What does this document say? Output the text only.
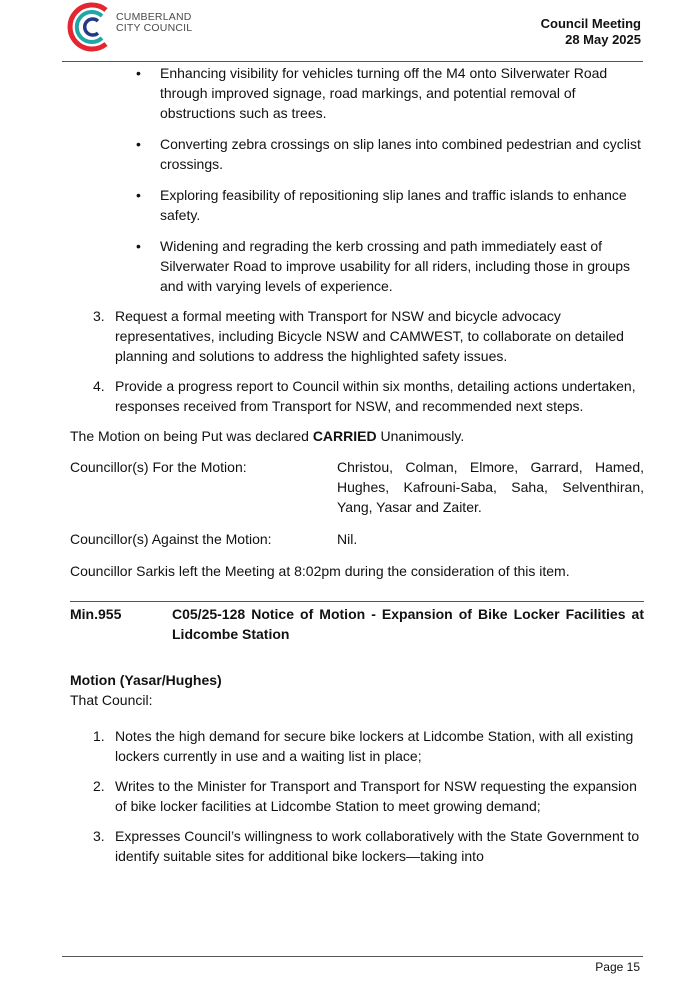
CUMBERLAND
CITY COUNCIL	Council Meeting
28 May 2025
• Enhancing visibility for vehicles turning off the M4 onto Silverwater Road through improved signage, road markings, and potential removal of obstructions such as trees.

• Converting zebra crossings on slip lanes into combined pedestrian and cyclist crossings.

• Exploring feasibility of repositioning slip lanes and traffic islands to enhance safety.

• Widening and regrading the kerb crossing and path immediately east of Silverwater Road to improve usability for all riders, including those in groups and with varying levels of experience.

3. Request a formal meeting with Transport for NSW and bicycle advocacy representatives, including Bicycle NSW and CAMWEST, to collaborate on detailed planning and solutions to address the highlighted safety issues.

4. Provide a progress report to Council within six months, detailing actions undertaken, responses received from Transport for NSW, and recommended next steps.

The Motion on being Put was declared CARRIED Unanimously.

Councillor(s) For the Motion:	Christou, Colman, Elmore, Garrard, Hamed, Hughes, Kafrouni-Saba, Saha, Selventhiran, Yang, Yasar and Zaiter.
Councillor(s) Against the Motion:	Nil.

Councillor Sarkis left the Meeting at 8:02pm during the consideration of this item.

Min.955	C05/25-128 Notice of Motion - Expansion of Bike Locker Facilities at Lidcombe Station

Motion (Yasar/Hughes)

That Council:

1. Notes the high demand for secure bike lockers at Lidcombe Station, with all existing lockers currently in use and a waiting list in place;

2. Writes to the Minister for Transport and Transport for NSW requesting the expansion of bike locker facilities at Lidcombe Station to meet growing demand;

3. Expresses Council’s willingness to work collaboratively with the State Government to identify suitable sites for additional bike lockers—taking into

Page 15
